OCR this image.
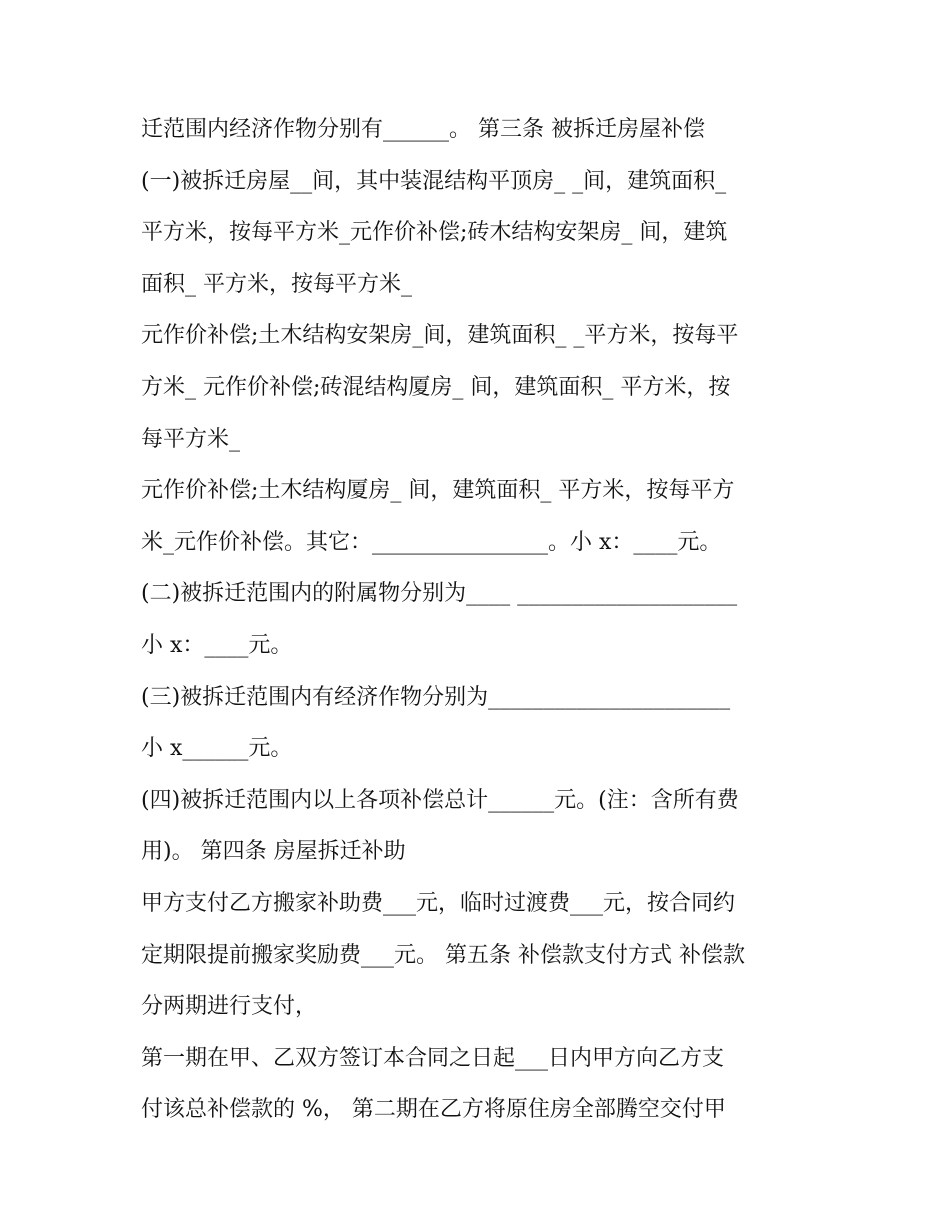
迁范围内经济作物分别有______。 第三条 被拆迁房屋补偿
(一)被拆迁房屋__间，其中装混结构平顶房_ _间，建筑面积_
平方米，按每平方米_元作价补偿;砖木结构安架房_ 间，建筑
面积_ 平方米，按每平方米_
元作价补偿;土木结构安架房_间，建筑面积_ _平方米，按每平
方米_ 元作价补偿;砖混结构厦房_ 间，建筑面积_ 平方米，按
每平方米_
元作价补偿;土木结构厦房_ 间，建筑面积_ 平方米，按每平方
米_元作价补偿。其它：________________。小 x：____元。
(二)被拆迁范围内的附属物分别为____ ____________________
小 x：____元。
(三)被拆迁范围内有经济作物分别为______________________
小 x______元。
(四)被拆迁范围内以上各项补偿总计______元。(注：含所有费
用)。 第四条 房屋拆迁补助
甲方支付乙方搬家补助费___元，临时过渡费___元，按合同约
定期限提前搬家奖励费___元。 第五条 补偿款支付方式 补偿款
分两期进行支付，
第一期在甲、乙双方签订本合同之日起___日内甲方向乙方支
付该总补偿款的 %， 第二期在乙方将原住房全部腾空交付甲
